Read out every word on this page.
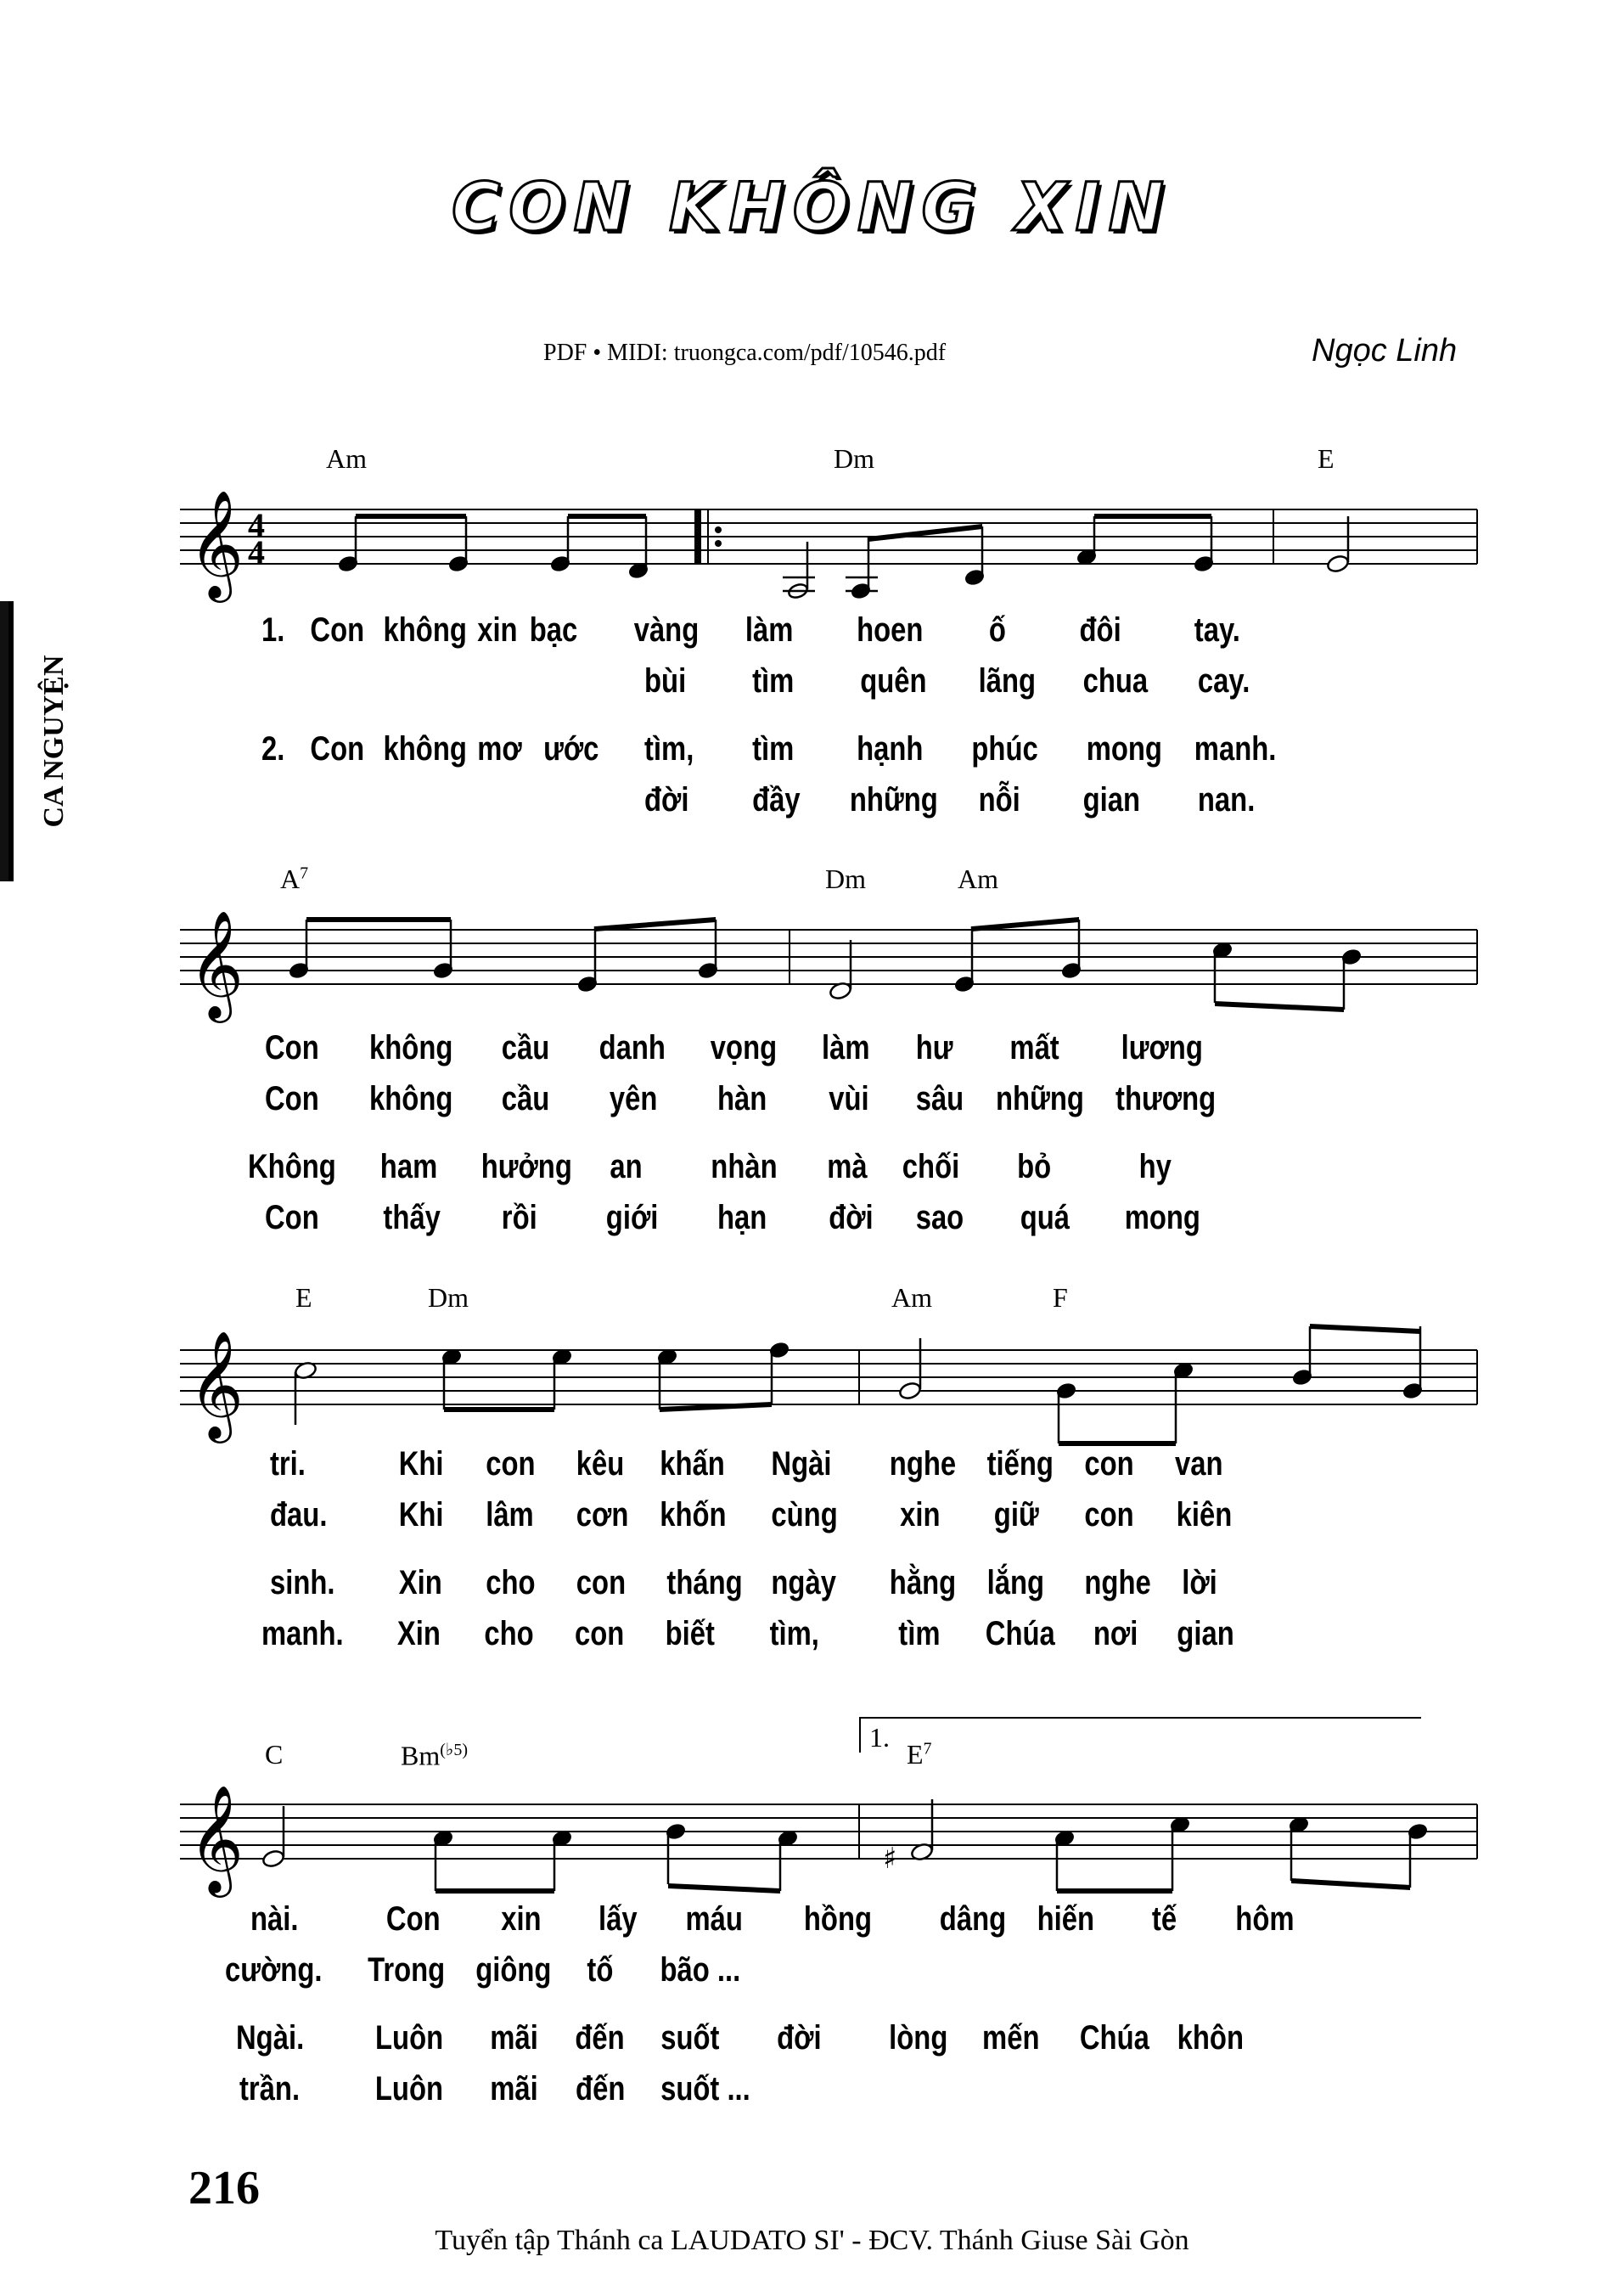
CON KHÔNG XIN
PDF • MIDI: truongca.com/pdf/10546.pdf	Ngọc Linh
CA NGUYỆN
Am	Dm	E
𝄞 4
4
1. Con không xin bạc vàng làm hoen ố đôi tay.
bùi tìm quên lãng chua cay.
2. Con không mơ ước tìm, tìm hạnh phúc mong manh.
đời đầy những nỗi gian nan.
$A^7$	Dm	Am
𝄞
Con không cầu danh vọng làm hư mất lương
Con không cầu yên hàn vùi sâu những thương
Không ham hưởng an nhàn mà chối bỏ	hy
Con thấy rồi giới hạn đời sao quá mong
E	Dm	Am	F
𝄞
tri.	Khi con kêu khấn Ngài nghe tiếng con van
đau. Khi lâm cơn khốn cùng xin giữ con kiên
sinh. Xin cho con tháng ngày hằng lắng nghe lời
manh. Xin cho con biết tìm, tìm Chúa nơi gian
C	$Bm^{(♭5)}$	$E^7$
1.
𝄞	♯
nài.	Con xin lấy máu hồng dâng hiến tế hôm
cường. Trong giông tố bão ...
Ngài. Luôn mãi đến suốt đời lòng mến Chúa khôn
trần. Luôn mãi đến suốt ...
216
Tuyển tập Thánh ca LAUDATO SI' - ĐCV. Thánh Giuse Sài Gòn
